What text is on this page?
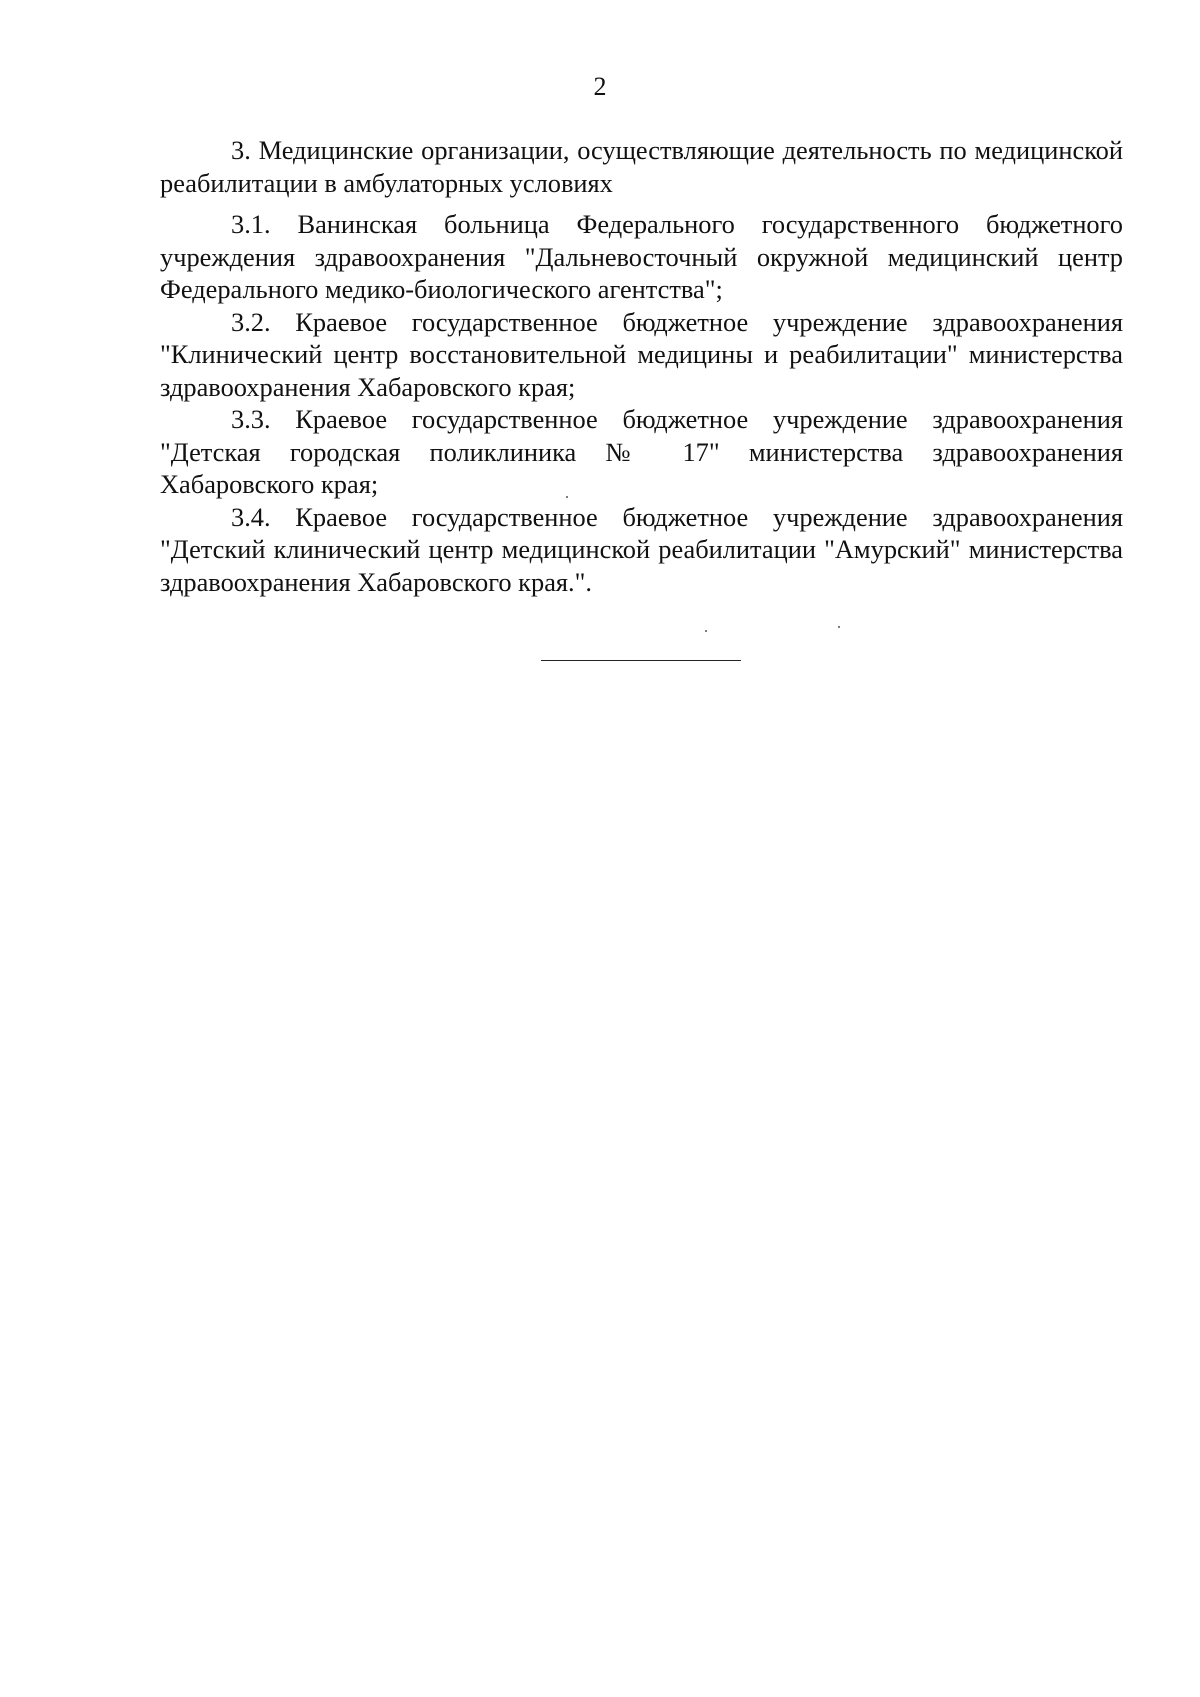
2

3. Медицинские организации, осуществляющие деятельность по медицинской реабилитации в амбулаторных условиях

3.1. Ванинская больница Федерального государственного бюджетного учреждения здравоохранения "Дальневосточный окружной медицинский центр Федерального медико-биологического агентства";

3.2. Краевое государственное бюджетное учреждение здравоохранения "Клинический центр восстановительной медицины и реабилитации" министерства здравоохранения Хабаровского края;

3.3. Краевое государственное бюджетное учреждение здравоохранения "Детская городская поликлиника № 17" министерства здравоохранения Хабаровского края;

3.4. Краевое государственное бюджетное учреждение здравоохранения "Детский клинический центр медицинской реабилитации "Амурский" министерства здравоохранения Хабаровского края.".
